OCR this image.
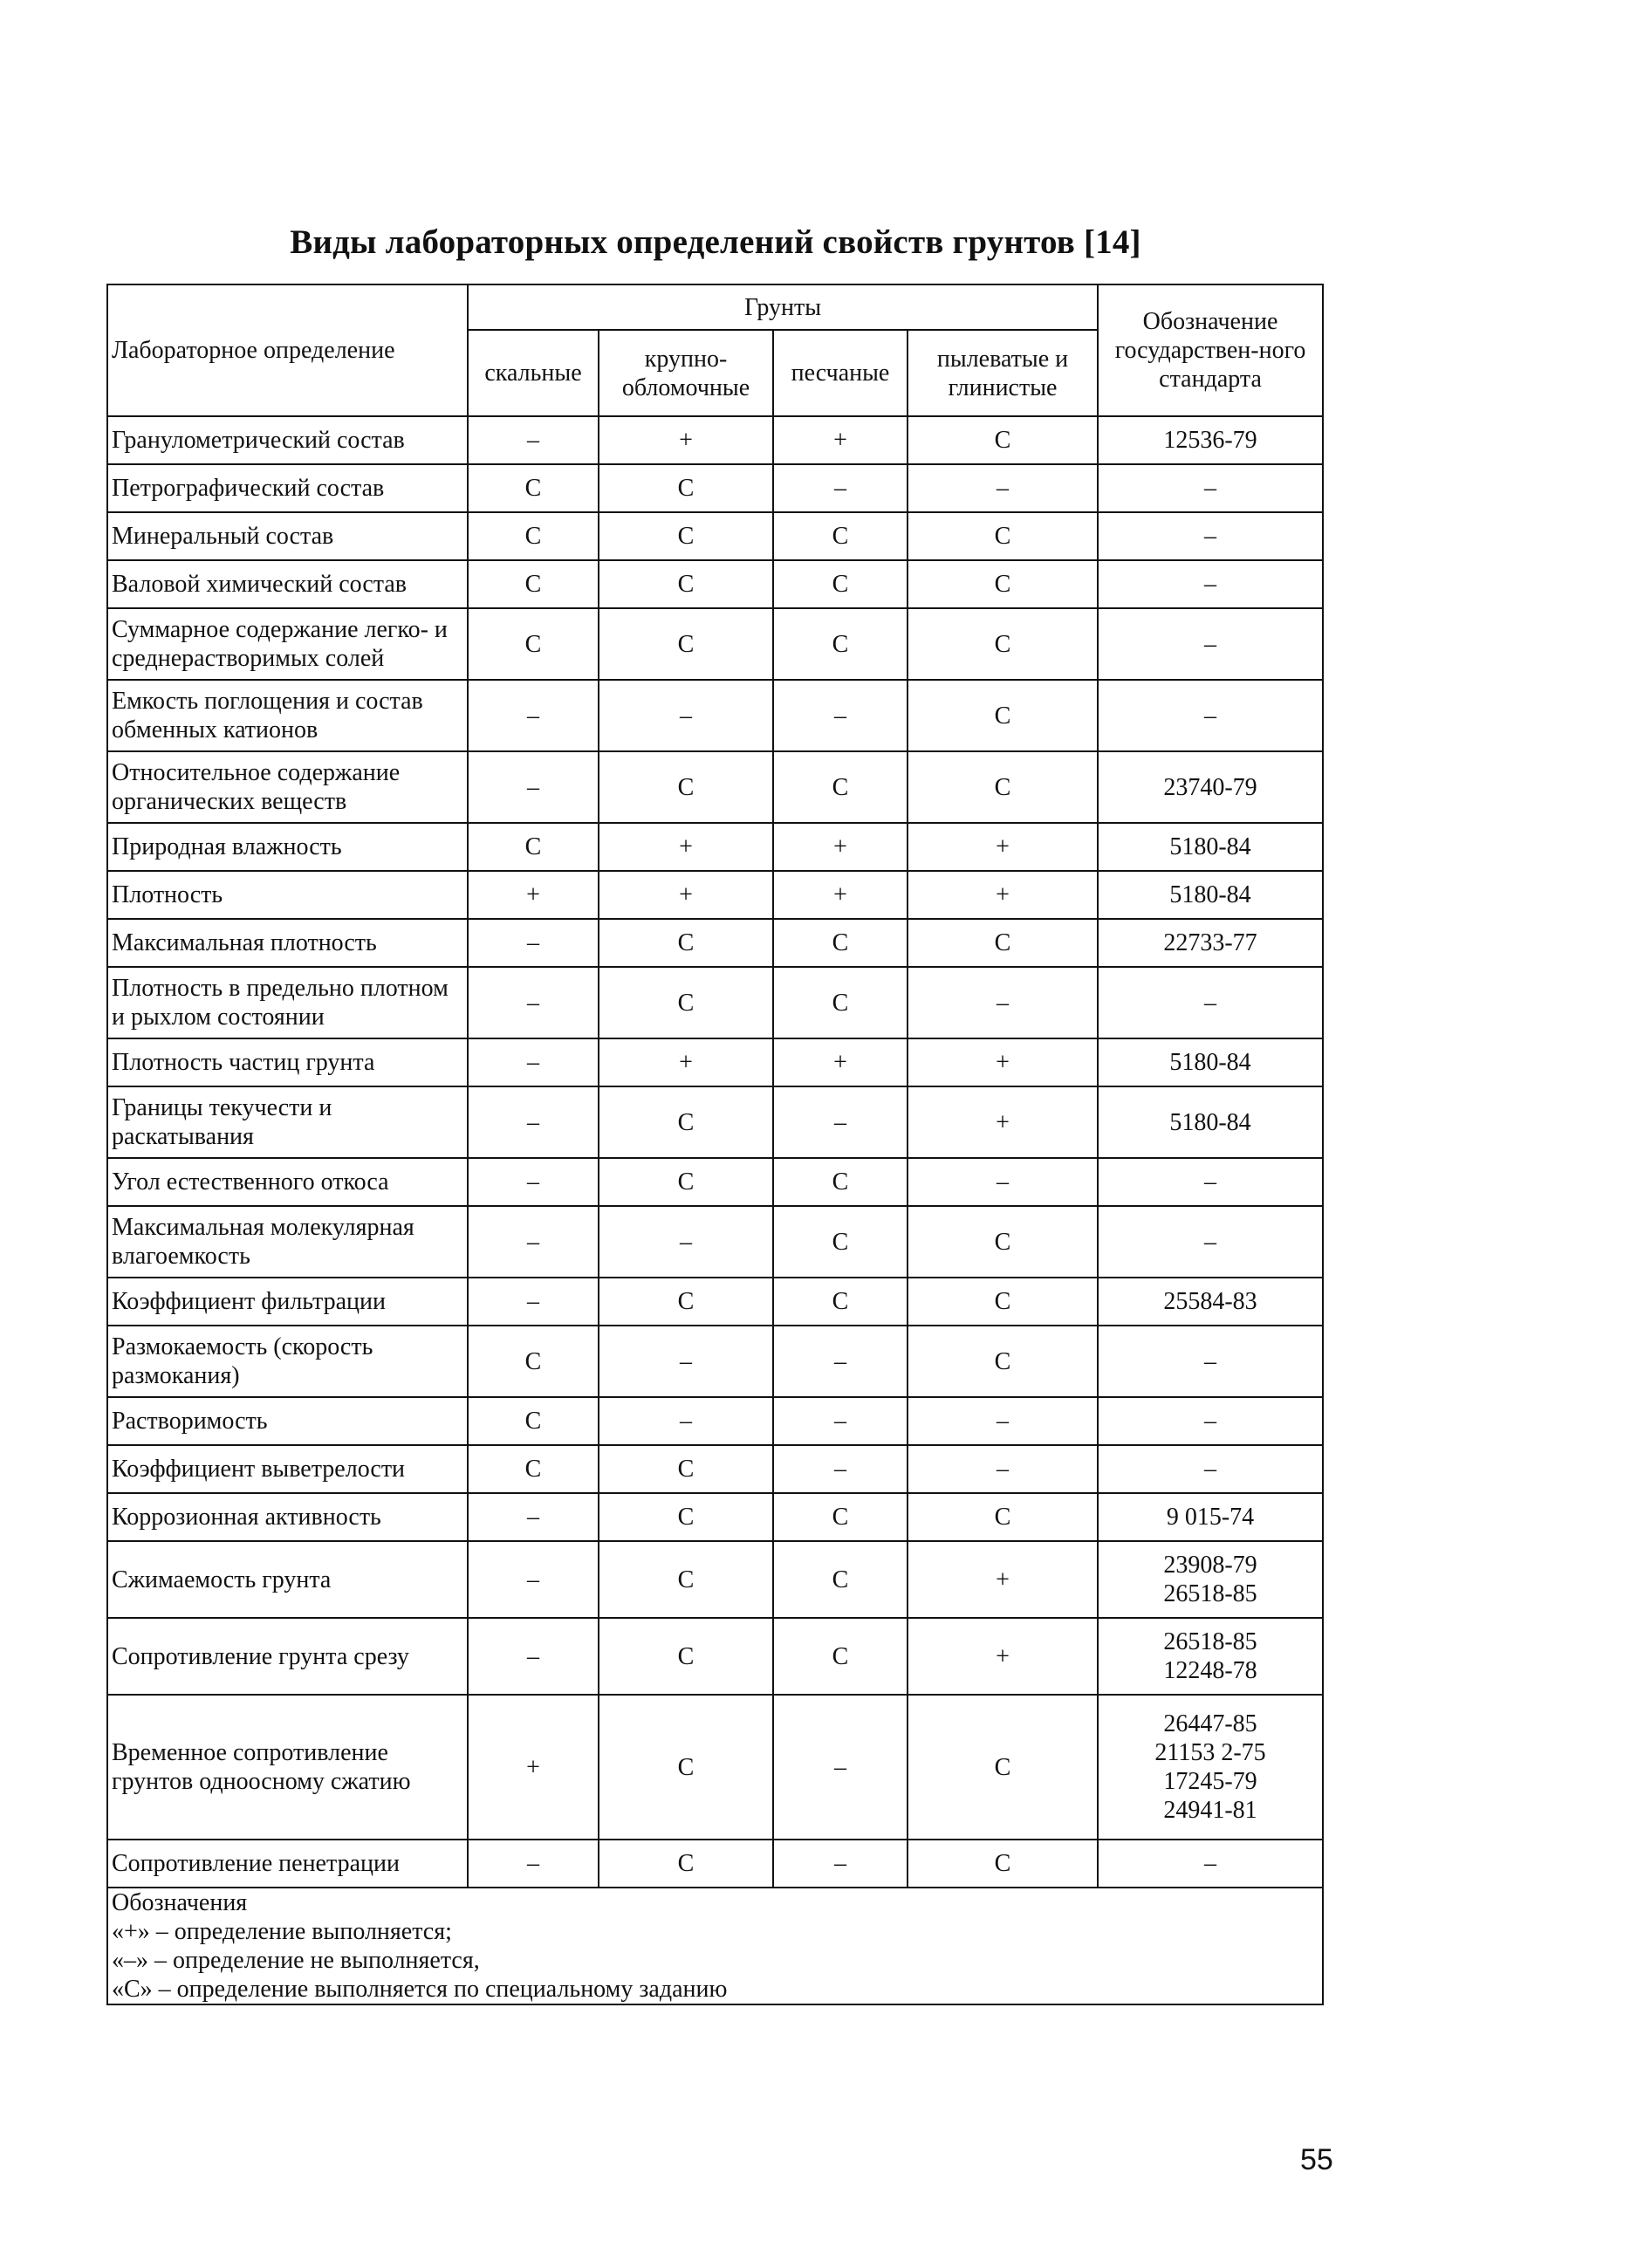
Виды лабораторных определений свойств грунтов [14]
Лабораторное определение	Грунты				Обозначение государствен-ного стандарта
	скальные	крупно-обломочные	песчаные	пылеватые и глинистые	
Гранулометрический состав	–	+	+	С	12536-79
Петрографический состав	С	С	–	–	–
Минеральный состав	С	С	С	С	–
Валовой химический состав	С	С	С	С	–
Суммарное содержание легко- и среднерастворимых солей	С	С	С	С	–
Емкость поглощения и состав обменных катионов	–	–	–	С	–
Относительное содержание органических веществ	–	С	С	С	23740-79
Природная влажность	С	+	+	+	5180-84
Плотность	+	+	+	+	5180-84
Максимальная плотность	–	С	С	С	22733-77
Плотность в предельно плотном и рыхлом состоянии	–	С	С	–	–
Плотность частиц грунта	–	+	+	+	5180-84
Границы текучести и раскатывания	–	С	–	+	5180-84
Угол естественного откоса	–	С	С	–	–
Максимальная молекулярная влагоемкость	–	–	С	С	–
Коэффициент фильтрации	–	С	С	С	25584-83
Размокаемость (скорость размокания)	С	–	–	С	–
Растворимость	С	–	–	–	–
Коэффициент выветрелости	С	С	–	–	–
Коррозионная активность	–	С	С	С	9 015-74
Сжимаемость грунта	–	С	С	+	23908-79
26518-85
Сопротивление грунта срезу	–	С	С	+	26518-85
12248-78
Временное сопротивление грунтов одноосному сжатию	+	С	–	С	26447-85
21153 2-75
17245-79
24941-81
Сопротивление пенетрации	–	С	–	С	–

Обозначения
«+» – определение выполняется;
«–» – определение не выполняется,
«С» – определение выполняется по специальному заданию					
55
